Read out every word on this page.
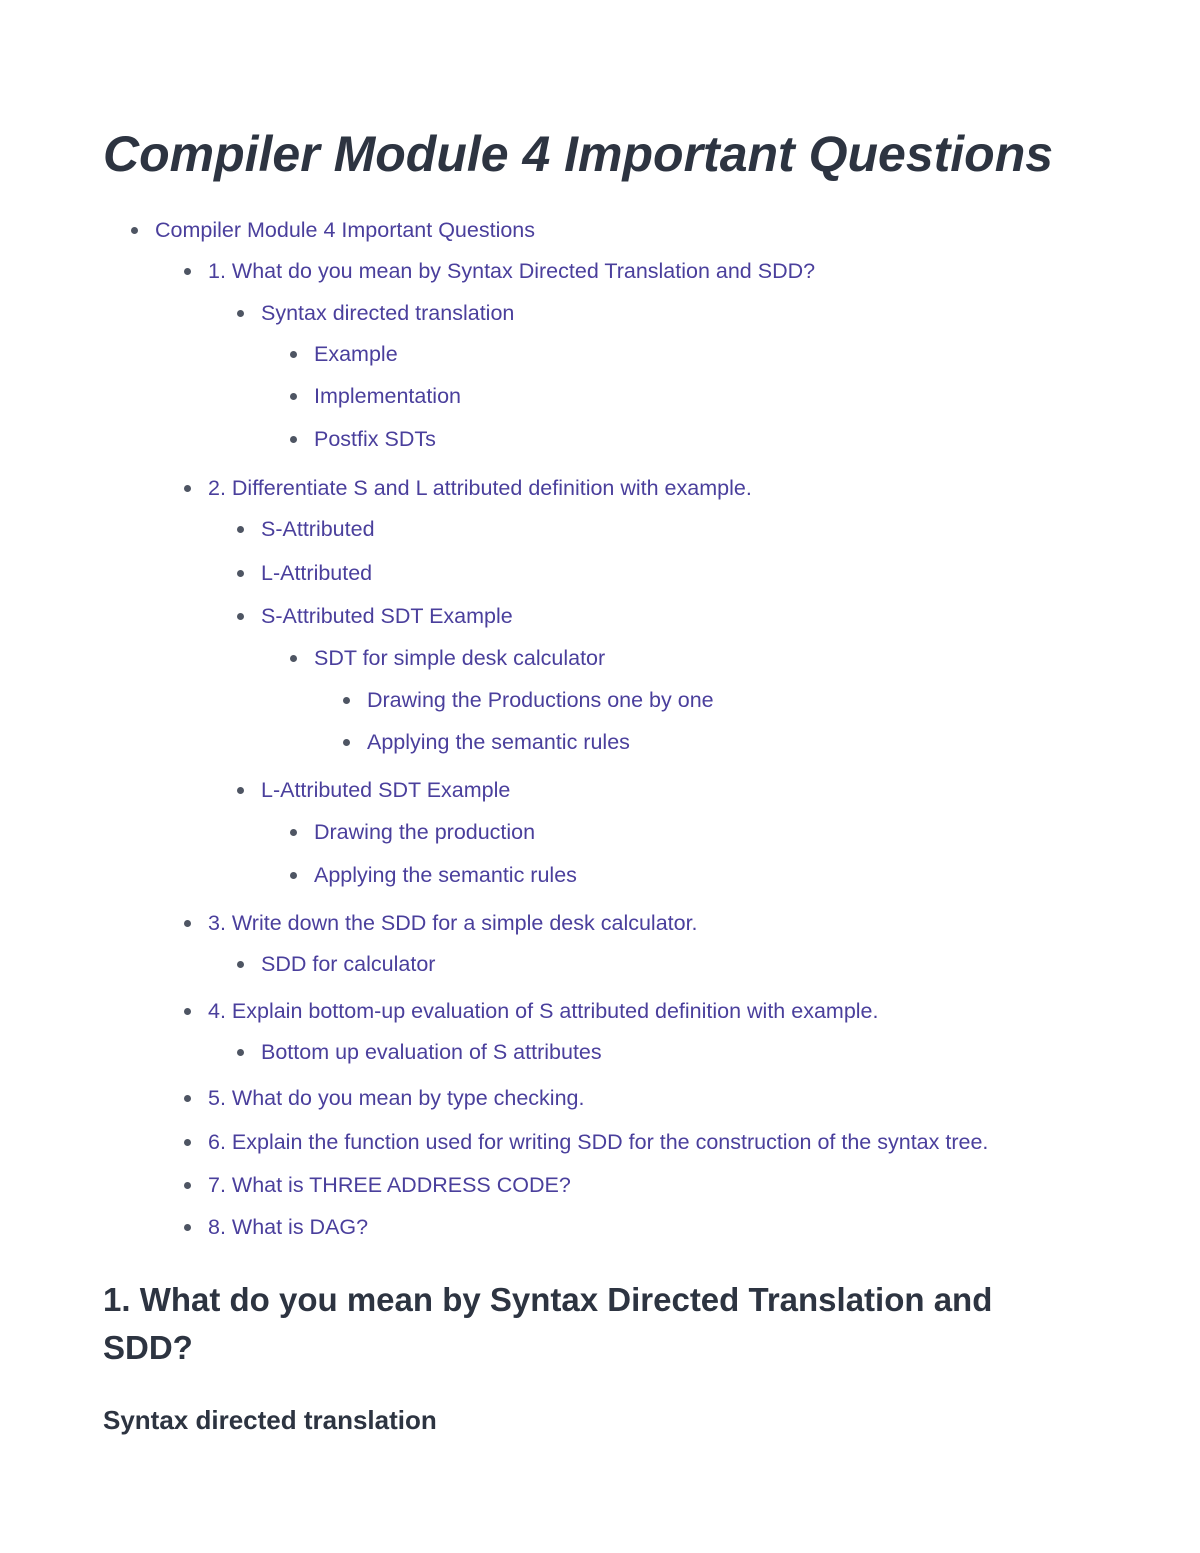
Compiler Module 4 Important Questions
Compiler Module 4 Important Questions
1. What do you mean by Syntax Directed Translation and SDD?
Syntax directed translation
Example
Implementation
Postfix SDTs
2. Differentiate S and L attributed definition with example.
S-Attributed
L-Attributed
S-Attributed SDT Example
SDT for simple desk calculator
Drawing the Productions one by one
Applying the semantic rules
L-Attributed SDT Example
Drawing the production
Applying the semantic rules
3. Write down the SDD for a simple desk calculator.
SDD for calculator
4. Explain bottom-up evaluation of S attributed definition with example.
Bottom up evaluation of S attributes
5. What do you mean by type checking.
6. Explain the function used for writing SDD for the construction of the syntax tree.
7. What is THREE ADDRESS CODE?
8. What is DAG?
1. What do you mean by Syntax Directed Translation and SDD?
Syntax directed translation
